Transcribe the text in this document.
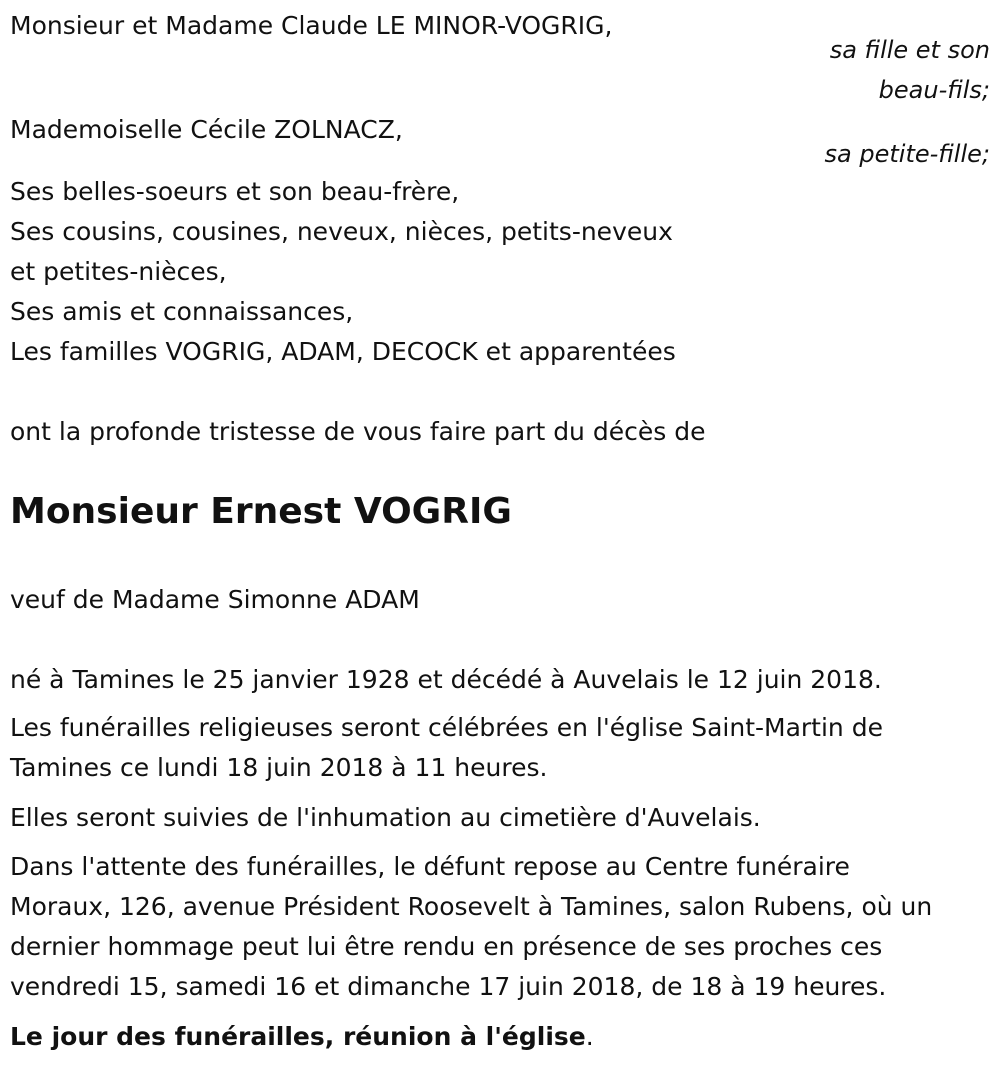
Monsieur et Madame Claude LE MINOR-VOGRIG,
sa fille et son
beau-fils;
Mademoiselle Cécile ZOLNACZ,
sa petite-fille;
Ses belles-soeurs et son beau-frère,
Ses cousins, cousines, neveux, nièces, petits-neveux
et petites-nièces,
Ses amis et connaissances,
Les familles VOGRIG, ADAM, DECOCK et apparentées
ont la profonde tristesse de vous faire part du décès de
Monsieur Ernest VOGRIG
veuf de Madame Simonne ADAM
né à Tamines le 25 janvier 1928 et décédé à Auvelais le 12 juin 2018.
Les funérailles religieuses seront célébrées en l'église Saint-Martin de
Tamines ce lundi 18 juin 2018 à 11 heures.
Elles seront suivies de l'inhumation au cimetière d'Auvelais.
Dans l'attente des funérailles, le défunt repose au Centre funéraire
Moraux, 126, avenue Président Roosevelt à Tamines, salon Rubens, où un
dernier hommage peut lui être rendu en présence de ses proches ces
vendredi 15, samedi 16 et dimanche 17 juin 2018, de 18 à 19 heures.
Le jour des funérailles, réunion à l'église.
